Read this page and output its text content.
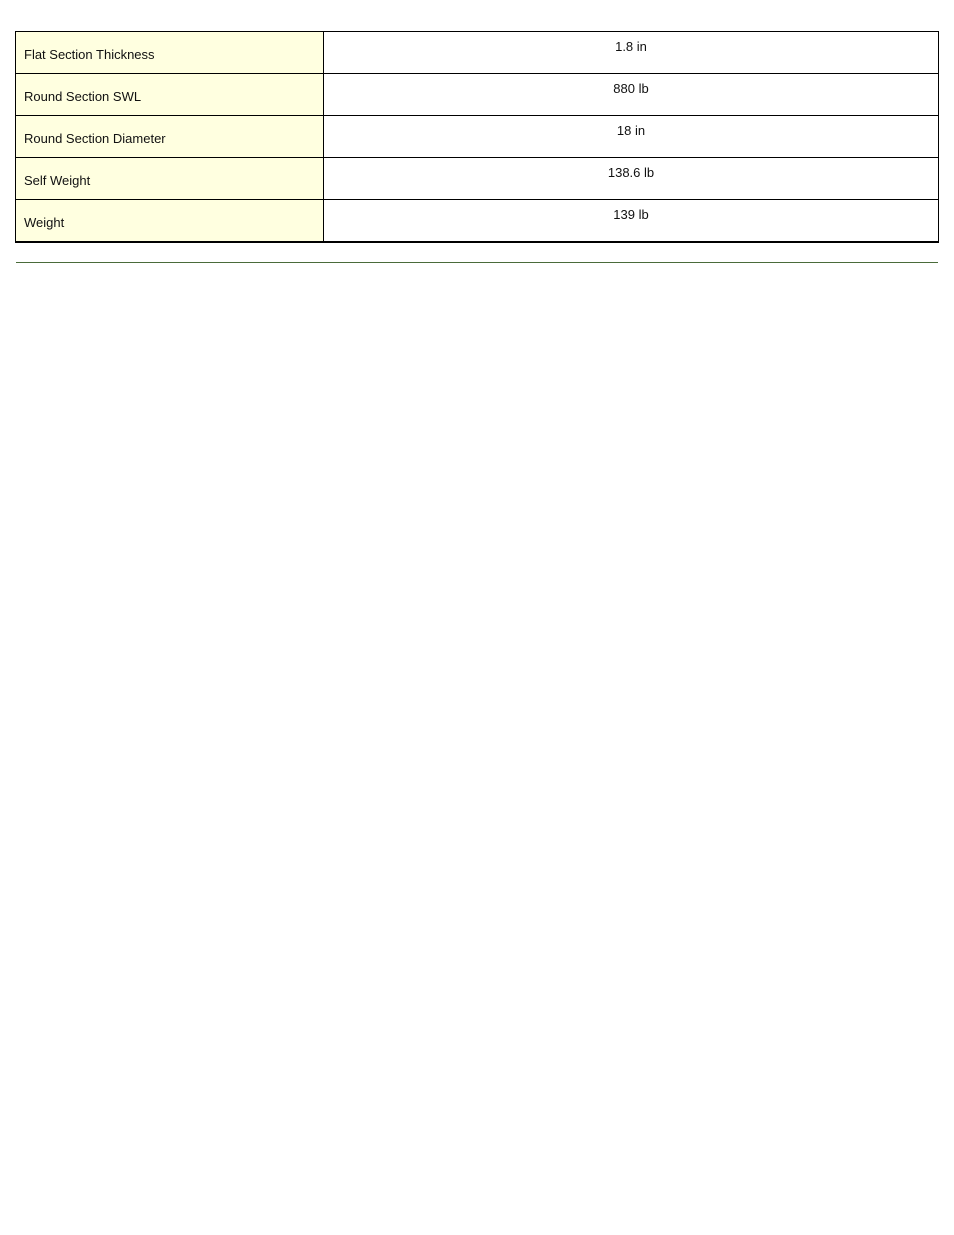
Flat Section Thickness	1.8 in
Round Section SWL	880 lb
Round Section Diameter	18 in
Self Weight	138.6 lb
Weight	139 lb
